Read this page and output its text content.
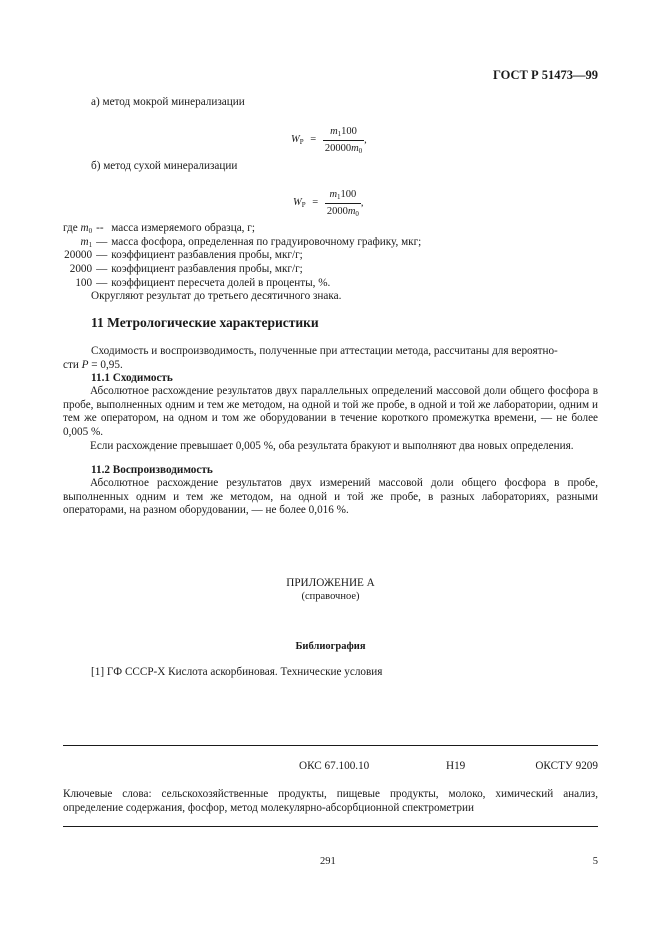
ГОСТ Р 51473—99
а) метод мокрой минерализации
$W_P = \frac{m_1100}{20000m_0}$ ,
б) метод сухой минерализации
$W_P = \frac{m_1100}{2000m_0}$ ,
где $m_0$	--	масса измеряемого образца, г;
$m_1$	—	масса фосфора, определенная по градуировочному графику, мкг;
20000	—	коэффициент разбавления пробы, мкг/г;
2000	—	коэффициент разбавления пробы, мкг/г;
100	—	коэффициент пересчета долей в проценты, %.
Округляют результат до третьего десятичного знака.
11 Метрологические характеристики
Сходимость и воспроизводимость, полученные при аттестации метода, рассчитаны для вероятно-
сти P = 0,95.
11.1 Сходимость

Абсолютное расхождение результатов двух параллельных определений массовой доли общего фосфора в пробе, выполненных одним и тем же методом, на одной и той же пробе, в одной и той же лаборатории, одним и тем же оператором, на одном и том же оборудовании в течение короткого промежутка времени, — не более 0,005 %.

Если расхождение превышает 0,005 %, оба результата бракуют и выполняют два новых определения.

11.2 Воспроизводимость

Абсолютное расхождение результатов двух измерений массовой доли общего фосфора в пробе, выполненных одним и тем же методом, на одной и той же пробе, в разных лабораториях, разными операторами, на разном оборудовании, — не более 0,016 %.

ПРИЛОЖЕНИЕ А
(справочное)
Библиография
[1] ГФ СССР-Х Кислота аскорбиновая. Технические условия
ОКС 67.100.10	Н19	ОКСТУ 9209
Ключевые слова: сельскохозяйственные продукты, пищевые продукты, молоко, химический анализ, определение содержания, фосфор, метод молекулярно-абсорбционной спектрометрии
291	5
